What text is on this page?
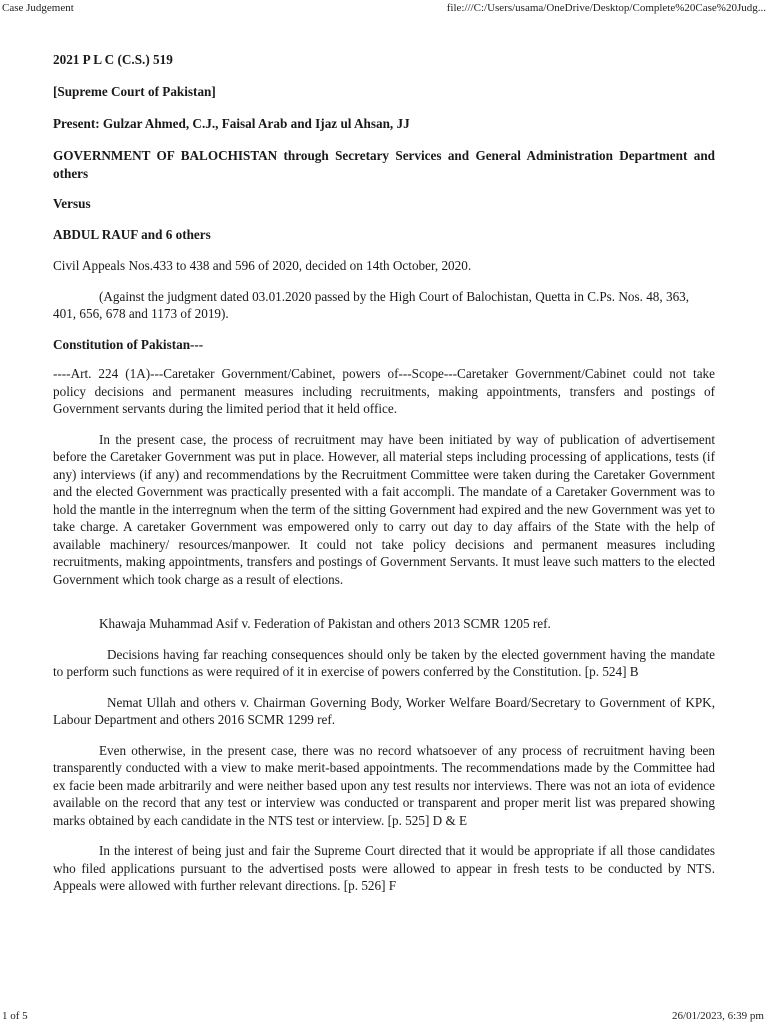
Case Judgement	file:///C:/Users/usama/OneDrive/Desktop/Complete%20Case%20Judg...

2021 P L C (C.S.) 519

[Supreme Court of Pakistan]

Present: Gulzar Ahmed, C.J., Faisal Arab and Ijaz ul Ahsan, JJ

GOVERNMENT OF BALOCHISTAN through Secretary Services and General Administration Department and others

Versus

ABDUL RAUF and 6 others

Civil Appeals Nos.433 to 438 and 596 of 2020, decided on 14th October, 2020.

(Against the judgment dated 03.01.2020 passed by the High Court of Balochistan, Quetta in C.Ps. Nos. 48, 363, 401, 656, 678 and 1173 of 2019).

Constitution of Pakistan---

----Art. 224 (1A)---Caretaker Government/Cabinet, powers of---Scope---Caretaker Government/Cabinet could not take policy decisions and permanent measures including recruitments, making appointments, transfers and postings of Government servants during the limited period that it held office.

In the present case, the process of recruitment may have been initiated by way of publication of advertisement before the Caretaker Government was put in place. However, all material steps including processing of applications, tests (if any) interviews (if any) and recommendations by the Recruitment Committee were taken during the Caretaker Government and the elected Government was practically presented with a fait accompli. The mandate of a Caretaker Government was to hold the mantle in the interregnum when the term of the sitting Government had expired and the new Government was yet to take charge. A caretaker Government was empowered only to carry out day to day affairs of the State with the help of available machinery/ resources/manpower. It could not take policy decisions and permanent measures including recruitments, making appointments, transfers and postings of Government Servants. It must leave such matters to the elected Government which took charge as a result of elections.

Khawaja Muhammad Asif v. Federation of Pakistan and others 2013 SCMR 1205 ref.

Decisions having far reaching consequences should only be taken by the elected government having the mandate to perform such functions as were required of it in exercise of powers conferred by the Constitution. [p. 524] B

Nemat Ullah and others v. Chairman Governing Body, Worker Welfare Board/Secretary to Government of KPK, Labour Department and others 2016 SCMR 1299 ref.

Even otherwise, in the present case, there was no record whatsoever of any process of recruitment having been transparently conducted with a view to make merit-based appointments. The recommendations made by the Committee had ex facie been made arbitrarily and were neither based upon any test results nor interviews. There was not an iota of evidence available on the record that any test or interview was conducted or transparent and proper merit list was prepared showing marks obtained by each candidate in the NTS test or interview. [p. 525] D & E

In the interest of being just and fair the Supreme Court directed that it would be appropriate if all those candidates who filed applications pursuant to the advertised posts were allowed to appear in fresh tests to be conducted by NTS. Appeals were allowed with further relevant directions. [p. 526] F

1 of 5	26/01/2023, 6:39 pm
